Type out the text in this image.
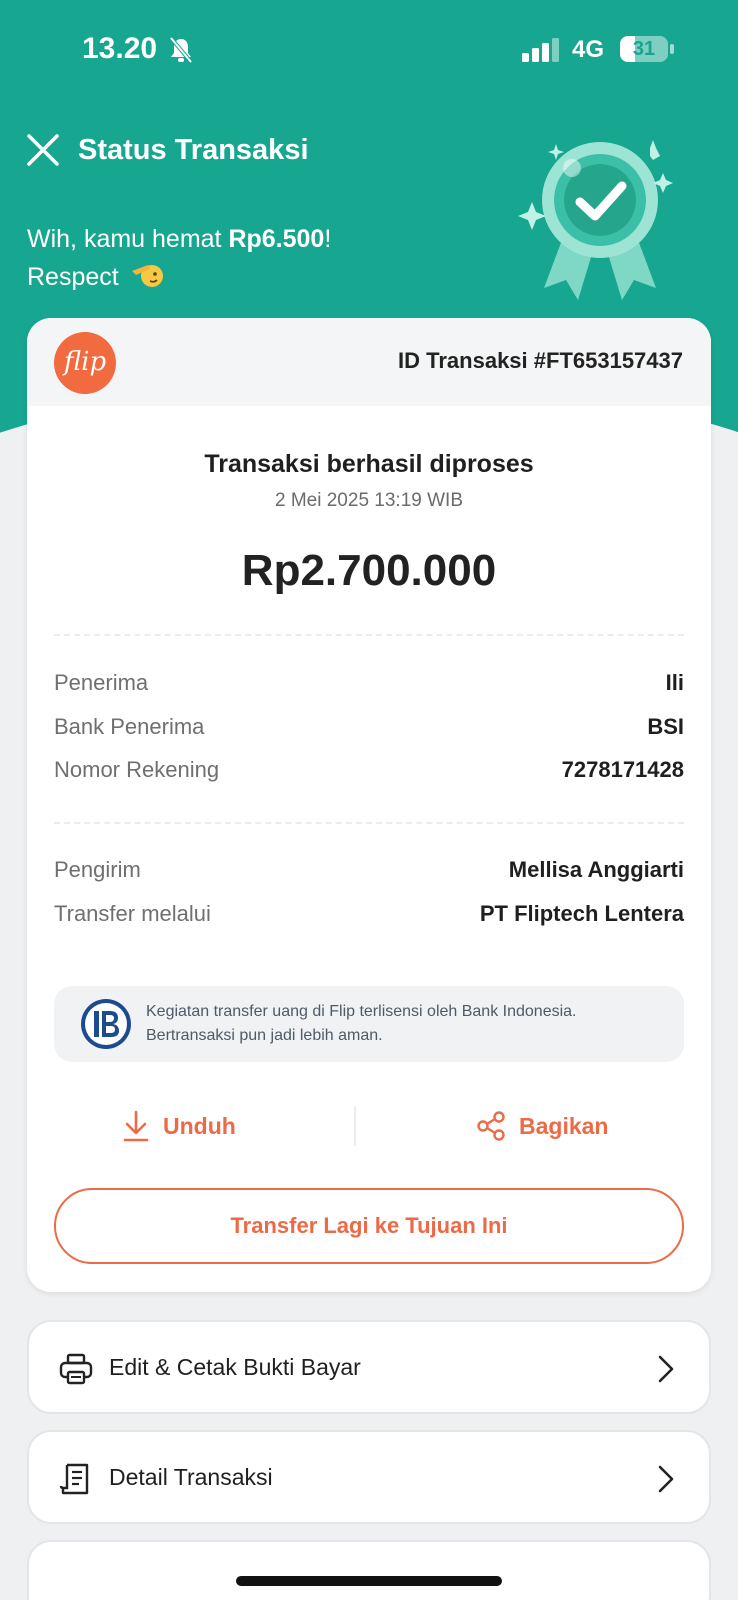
13.20	4G	31
Status Transaksi
Wih, kamu hemat Rp6.500!
Respect
flip	ID Transaksi #FT653157437
Transaksi berhasil diproses
2 Mei 2025 13:19 WIB
Rp2.700.000
Penerima	Ili
Bank Penerima	BSI
Nomor Rekening	7278171428
Pengirim	Mellisa Anggiarti
Transfer melalui	PT Fliptech Lentera
Kegiatan transfer uang di Flip terlisensi oleh Bank Indonesia.
Bertransaksi pun jadi lebih aman.
Unduh	Bagikan
Transfer Lagi ke Tujuan Ini
Edit & Cetak Bukti Bayar
Detail Transaksi
